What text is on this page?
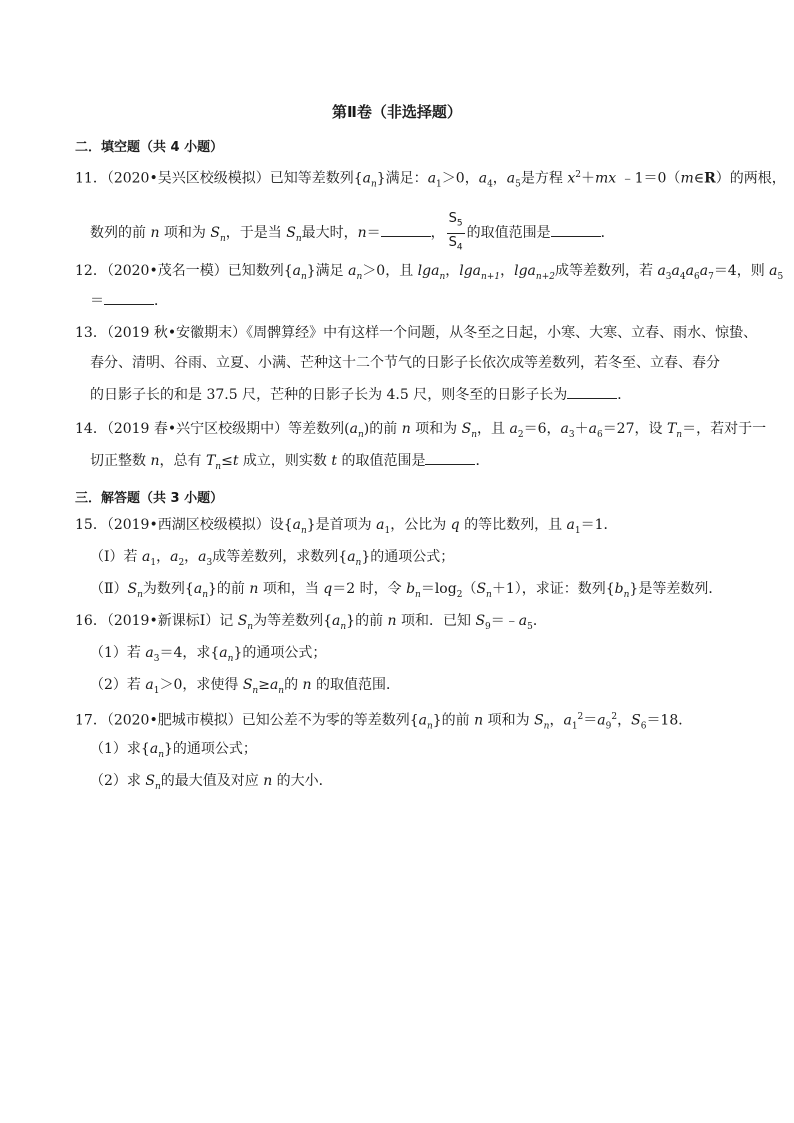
第Ⅱ卷（非选择题）
二．填空题（共 4 小题）
11．（2020•吴兴区校级模拟）已知等差数列$\{a_n\}$满足：$a_1>0$，$a_4$，$a_5$是方程 $x^2+mx$ ﹣1＝0（m∈R）的两根，
数列的前 n 项和为 $S_n$，于是当 $S_n$最大时，n＝	， $\frac{S_5}{S_4}$ 的取值范围是	．
12．（2020•茂名一模）已知数列$\{a_n\}$满足 $a_n>0$，且 lga$_n$，lga$_{n+1}$，lga$_{n+2}$成等差数列，若 $a_3a_4a_6a_7=4$，则 $a_5$
＝	．
13．（2019 秋•安徽期末）《周髀算经》中有这样一个问题，从冬至之日起，小寒、大寒、立春、雨水、惊蛰、
春分、清明、谷雨、立夏、小满、芒种这十二个节气的日影子长依次成等差数列，若冬至、立春、春分
的日影子长的和是 37.5 尺，芒种的日影子长为 4.5 尺，则冬至的日影子长为	．
14．（2019 春•兴宁区校级期中）等差数列$(a_n)$的前 n 项和为 $S_n$，且 $a_2=6$，$a_3+a_6=27$，设 $T_n=$，若对于一
切正整数 n，总有 $T_n\le t$ 成立，则实数 t 的取值范围是	．
三．解答题（共 3 小题）
15．（2019•西湖区校级模拟）设$\{a_n\}$是首项为 $a_1$，公比为 q 的等比数列，且 $a_1=1$．
（Ⅰ）若 $a_1$，$a_2$，$a_3$成等差数列，求数列$\{a_n\}$的通项公式；
$(Ⅱ)S_n$为数列$\{a_n\}$的前 n 项和，当 q＝2 时，令 $b_n=\log_2(S_n+1)$，求证：数列$\{b_n\}$是等差数列．
16．（2019•新课标Ⅰ）记 $S_n$为等差数列$\{a_n\}$的前 n 项和．已知 $S_9=﹣a_5$．
（1）若 $a_3=4$，求$\{a_n\}$的通项公式；
（2）若 $a_1>0$，求使得 $S_n\ge a_n$的 n 的取值范围．
17．（2020•肥城市模拟）已知公差不为零的等差数列$\{a_n\}$的前 n 项和为 $S_n$，$a_1^2=a_9^2$，$S_6=18$．
（1）求$\{a_n\}$的通项公式；
（2）求 $S_n$的最大值及对应 n 的大小．
